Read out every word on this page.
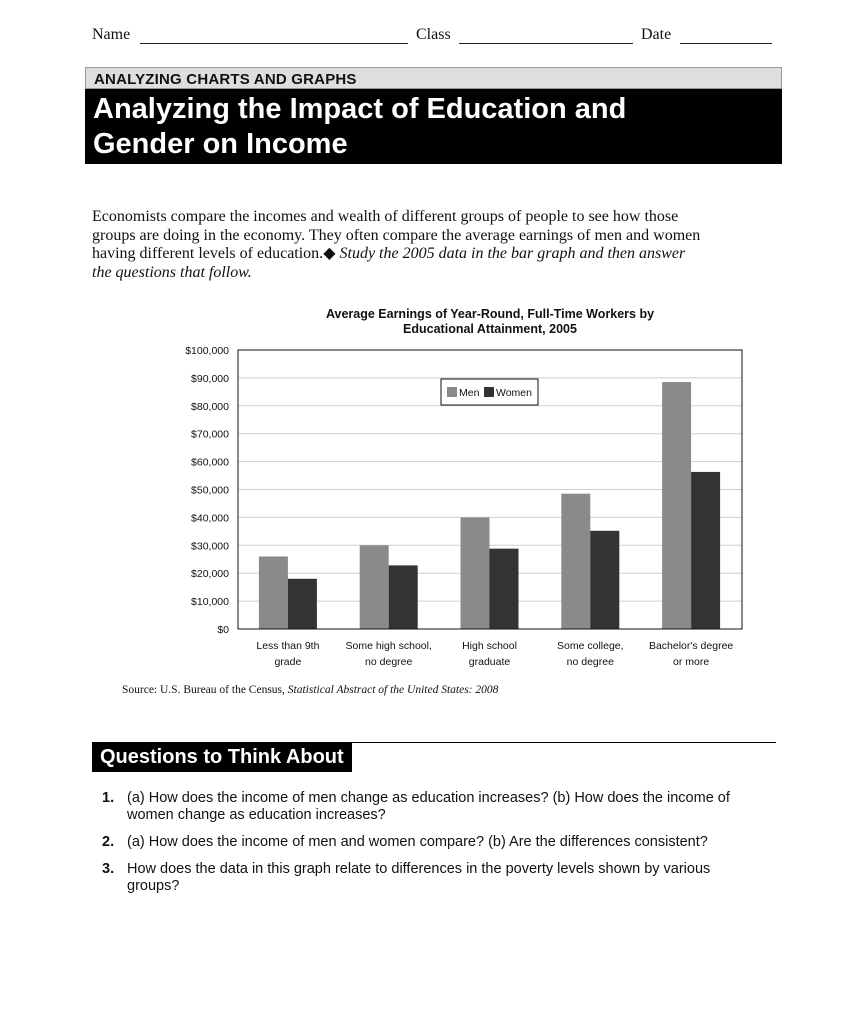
Name	Class	Date
ANALYZING CHARTS AND GRAPHS
Analyzing the Impact of Education and
Gender on Income
Economists compare the incomes and wealth of different groups of people to see how those groups are doing in the economy. They often compare the average earnings of men and women having different levels of education.◆ Study the 2005 data in the bar graph and then answer the questions that follow.
Average Earnings of Year-Round, Full-Time Workers by
Educational Attainment, 2005
$0
$10,000
$20,000
$30,000
$40,000
$50,000
$60,000
$70,000
$80,000
$90,000
$100,000
Less than 9th
grade
Some high school,
no degree
High school
graduate
Some college,
no degree
Bachelor's degree
or more
Men Women
Source: U.S. Bureau of the Census, Statistical Abstract of the United States: 2008
Questions to Think About
1. (a) How does the income of men change as education increases? (b) How does the income of women change as education increases?
2. (a) How does the income of men and women compare? (b) Are the differences consistent?
3. How does the data in this graph relate to differences in the poverty levels shown by various groups?
